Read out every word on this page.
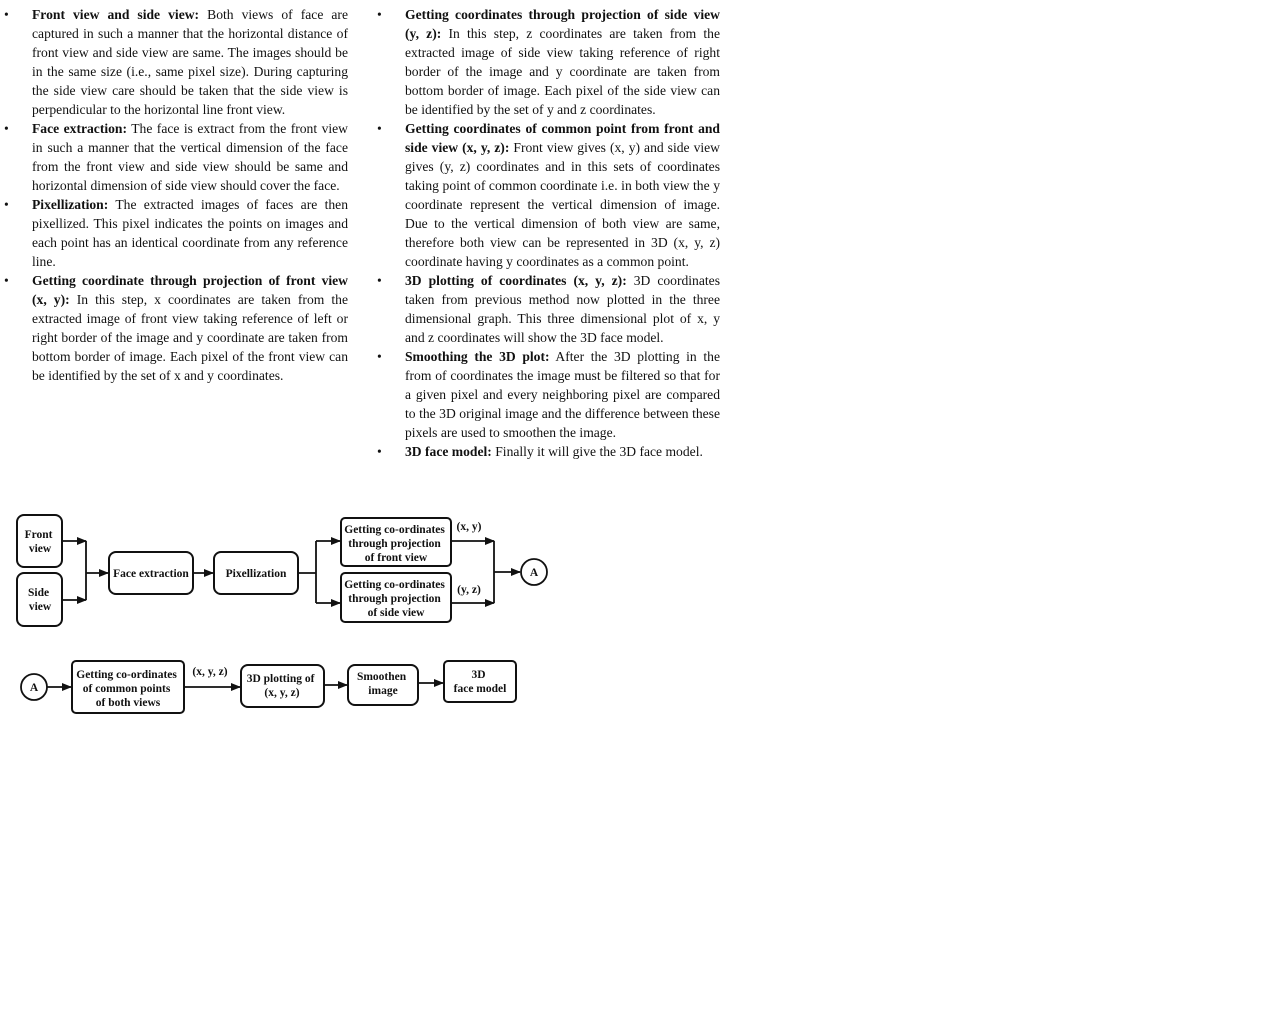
• Front view and side view: Both views of face are captured in such a manner that the horizontal distance of front view and side view are same. The images should be in the same size (i.e., same pixel size). During capturing the side view care should be taken that the side view is perpendicular to the horizontal line front view.
• Face extraction: The face is extract from the front view in such a manner that the vertical dimension of the face from the front view and side view should be same and horizontal dimension of side view should cover the face.
• Pixellization: The extracted images of faces are then pixellized. This pixel indicates the points on images and each point has an identical coordinate from any reference line.
• Getting coordinate through projection of front view (x, y): In this step, x coordinates are taken from the extracted image of front view taking reference of left or right border of the image and y coordinate are taken from bottom border of image. Each pixel of the front view can be identified by the set of x and y coordinates.
• Getting coordinates through projection of side view (y, z): In this step, z coordinates are taken from the extracted image of side view taking reference of right border of the image and y coordinate are taken from bottom border of image. Each pixel of the side view can be identified by the set of y and z coordinates.
• Getting coordinates of common point from front and side view (x, y, z): Front view gives (x, y) and side view gives (y, z) coordinates and in this sets of coordinates taking point of common coordinate i.e. in both view the y coordinate represent the vertical dimension of image. Due to the vertical dimension of both view are same, therefore both view can be represented in 3D (x, y, z) coordinate having y coordinates as a common point.
• 3D plotting of coordinates (x, y, z): 3D coordinates taken from previous method now plotted in the three dimensional graph. This three dimensional plot of x, y and z coordinates will show the 3D face model.
• Smoothing the 3D plot: After the 3D plotting in the from of coordinates the image must be filtered so that for a given pixel and every neighboring pixel are compared to the 3D original image and the difference between these pixels are used to smoothen the image.
• 3D face model: Finally it will give the 3D face model.
Front view
Side view
Face extraction	Pixellization
Getting co-ordinates through projection of front view
Getting co-ordinates through projection of side view
(x, y)
(y, z)
A
A
Getting co-ordinates of common points of both views
(x, y, z)
3D plotting of (x, y, z)
Smoothen image
3D face model
